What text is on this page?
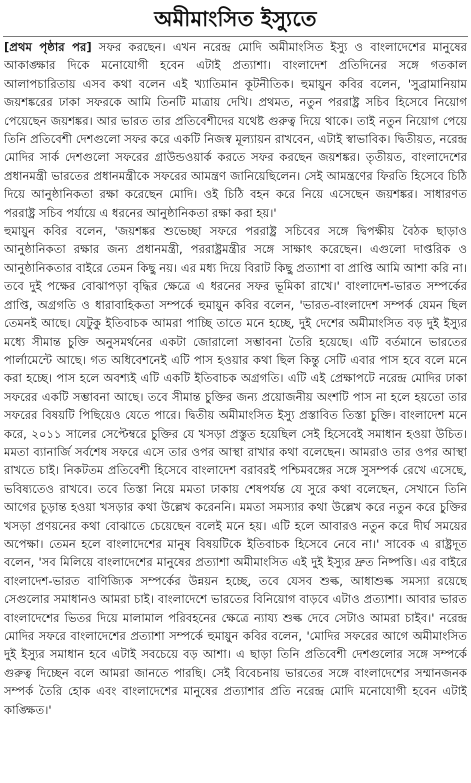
অমীমাংসিত ইস্যুতে

[প্রথম পৃষ্ঠার পর] সফর করছেন। এখন নরেন্দ্র মোদি অমীমাংসিত ইস্যু ও বাংলাদেশের মানুষের আকাঙ্ক্ষার দিকে মনোযোগী হবেন এটাই প্রত্যাশা। বাংলাদেশ প্রতিদিনের সঙ্গে গতকাল আলাপচারিতায় এসব কথা বলেন এই খ্যাতিমান কূটনীতিক। হুমায়ুন কবির বলেন, 'সুব্রামানিয়াম জয়শঙ্করের ঢাকা সফরকে আমি তিনটি মাত্রায় দেখি। প্রথমত, নতুন পররাষ্ট্র সচিব হিসেবে নিয়োগ পেয়েছেন জয়শঙ্কর। আর ভারত তার প্রতিবেশীদের যথেষ্ট গুরুত্ব দিয়ে থাকে। তাই নতুন নিয়োগ পেয়ে তিনি প্রতিবেশী দেশগুলো সফর করে একটি নিজস্ব মূল্যায়ন রাখবেন, এটাই স্বাভাবিক। দ্বিতীয়ত, নরেন্দ্র মোদির সার্ক দেশগুলো সফরের গ্রাউন্ডওয়ার্ক করতে সফর করছেন জয়শঙ্কর। তৃতীয়ত, বাংলাদেশের প্রধানমন্ত্রী ভারতের প্রধানমন্ত্রীকে সফরের আমন্ত্রণ জানিয়েছিলেন। সেই আমন্ত্রণের ফিরতি হিসেবে চিঠি দিয়ে আনুষ্ঠানিকতা রক্ষা করেছেন মোদি। ওই চিঠি বহন করে নিয়ে এসেছেন জয়শঙ্কর। সাধারণত পররাষ্ট্র সচিব পর্যায়ে এ ধরনের আনুষ্ঠানিকতা রক্ষা করা হয়।'

হুমায়ুন কবির বলেন, 'জয়শঙ্কর শুভেচ্ছা সফরে পররাষ্ট্র সচিবের সঙ্গে দ্বিপক্ষীয় বৈঠক ছাড়াও আনুষ্ঠানিকতা রক্ষার জন্য প্রধানমন্ত্রী, পররাষ্ট্রমন্ত্রীর সঙ্গে সাক্ষাৎ করেছেন। এগুলো দাপ্তরিক ও আনুষ্ঠানিকতার বাইরে তেমন কিছু নয়। এর মধ্য দিয়ে বিরাট কিছু প্রত্যাশা বা প্রাপ্তি আমি আশা করি না। তবে দুই পক্ষের বোঝাপড়া বৃদ্ধির ক্ষেত্রে এ ধরনের সফর ভূমিকা রাখে।' বাংলাদেশ-ভারত সম্পর্কের প্রাপ্তি, অগ্রগতি ও ধারাবাহিকতা সম্পর্কে হুমায়ুন কবির বলেন, 'ভারত-বাংলাদেশ সম্পর্ক যেমন ছিল তেমনই আছে। যেটুকু ইতিবাচক আমরা পাচ্ছি তাতে মনে হচ্ছে, দুই দেশের অমীমাংসিত বড় দুই ইস্যুর মধ্যে সীমান্ত চুক্তি অনুসমর্থনের একটা জোরালো সম্ভাবনা তৈরি হয়েছে। এটি বর্তমানে ভারতের পার্লামেন্টে আছে। গত অধিবেশনেই এটি পাস হওয়ার কথা ছিল কিন্তু সেটি এবার পাস হবে বলে মনে করা হচ্ছে। পাস হলে অবশ্যই এটি একটি ইতিবাচক অগ্রগতি। এটি এই প্রেক্ষাপটে নরেন্দ্র মোদির ঢাকা সফরের একটি সম্ভাবনা আছে। তবে সীমান্ত চুক্তির জন্য প্রয়োজনীয় অংশটি পাস না হলে হয়তো তার সফরের বিষয়টি পিছিয়েও যেতে পারে। দ্বিতীয় অমীমাংসিত ইস্যু প্রস্তাবিত তিস্তা চুক্তি। বাংলাদেশ মনে করে, ২০১১ সালের সেপ্টেম্বরে চুক্তির যে খসড়া প্রস্তুত হয়েছিল সেই হিসেবেই সমাধান হওয়া উচিত। মমতা ব্যানার্জি সর্বশেষ সফরে এসে তার ওপর আস্থা রাখার কথা বলেছেন। আমরাও তার ওপর আস্থা রাখতে চাই। নিকটতম প্রতিবেশী হিসেবে বাংলাদেশ বরাবরই পশ্চিমবঙ্গের সঙ্গে সুসম্পর্ক রেখে এসেছে, ভবিষ্যতেও রাখবে। তবে তিস্তা নিয়ে মমতা ঢাকায় শেষপর্যন্ত যে সুরে কথা বলেছেন, সেখানে তিনি আগের চূড়ান্ত হওয়া খসড়ার কথা উল্লেখ করেননি। মমতা সমস্যার কথা উল্লেখ করে নতুন করে চুক্তির খসড়া প্রণয়নের কথা বোঝাতে চেয়েছেন বলেই মনে হয়। এটি হলে আবারও নতুন করে দীর্ঘ সময়ের অপেক্ষা। তেমন হলে বাংলাদেশের মানুষ বিষয়টিকে ইতিবাচক হিসেবে নেবে না।' সাবেক এ রাষ্ট্রদূত বলেন, 'সব মিলিয়ে বাংলাদেশের মানুষের প্রত্যাশা অমীমাংসিত এই দুই ইস্যুর দ্রুত নিষ্পত্তি। এর বাইরে বাংলাদেশ-ভারত বাণিজ্যিক সম্পর্কের উন্নয়ন হচ্ছে, তবে যেসব শুল্ক, আধাশুল্ক সমস্যা রয়েছে সেগুলোর সমাধানও আমরা চাই। বাংলাদেশে ভারতের বিনিয়োগ বাড়বে এটাও প্রত্যাশা। আবার ভারত বাংলাদেশের ভিতর দিয়ে মালামাল পরিবহনের ক্ষেত্রে ন্যায্য শুল্ক দেবে সেটাও আমরা চাইব।' নরেন্দ্র মোদির সফরে বাংলাদেশের প্রত্যাশা সম্পর্কে হুমায়ুন কবির বলেন, 'মোদির সফরের আগে অমীমাংসিত দুই ইস্যুর সমাধান হবে এটাই সবচেয়ে বড় আশা। এ ছাড়া তিনি প্রতিবেশী দেশগুলোর সঙ্গে সম্পর্কে গুরুত্ব দিচ্ছেন বলে আমরা জানতে পারছি। সেই বিবেচনায় ভারতের সঙ্গে বাংলাদেশের সম্মানজনক সম্পর্ক তৈরি হোক এবং বাংলাদেশের মানুষের প্রত্যাশার প্রতি নরেন্দ্র মোদি মনোযোগী হবেন এটাই কাঙ্ক্ষিত।'
